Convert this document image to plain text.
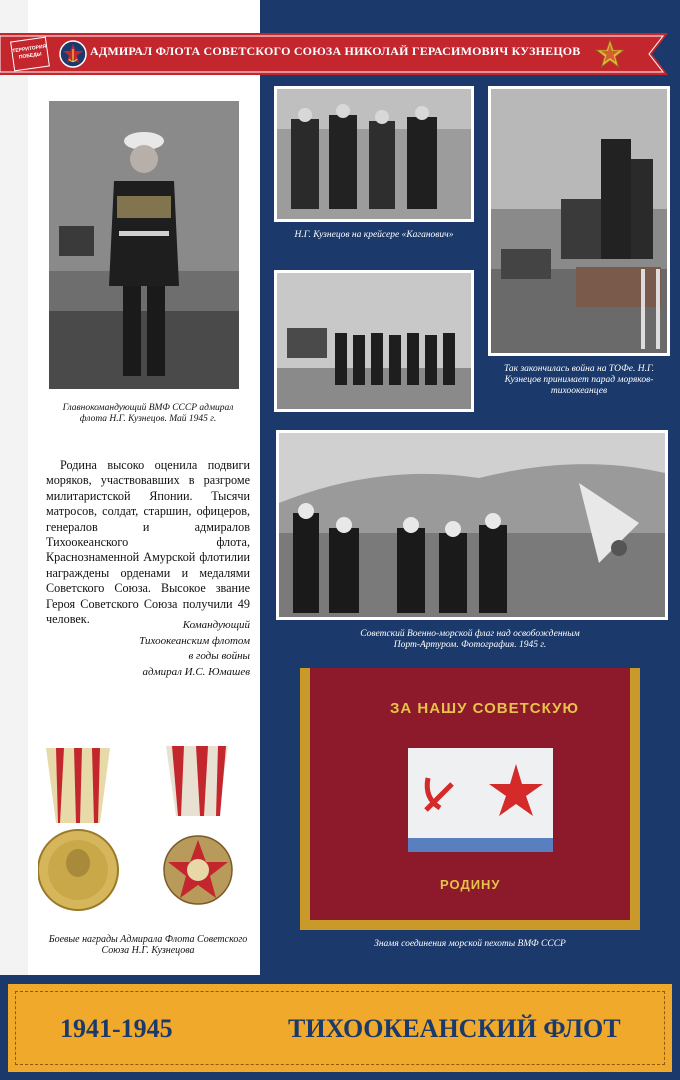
ТЕРРИТОРИЯ ПОБЕДЫ	АДМИРАЛ ФЛОТА СОВЕТСКОГО СОЮЗА НИКОЛАЙ ГЕРАСИМОВИЧ КУЗНЕЦОВ
Главнокомандующий ВМФ СССР адмирал флота Н.Г. Кузнецов. Май 1945 г.
Родина высоко оценила подвиги моряков, участвовавших в разгроме милитаристской Японии. Тысячи матросов, солдат, старшин, офицеров, генералов и адмиралов Тихоокеанского флота, Краснознаменной Амурской флотилии награждены орденами и медалями Советского Союза. Высокое звание Героя Советского Союза получили 49 человек.	Командующий
Тихоокеанским флотом
в годы войны
адмирал И.С. Юмашев
Боевые награды Адмирала Флота Советского Союза Н.Г. Кузнецова
Н.Г. Кузнецов на крейсере «Каганович»
Так закончилась война на ТОФе. Н.Г. Кузнецов принимает парад моряков-тихоокеанцев
Советский Военно-морской флаг над освобожденным Порт-Артуром. Фотография. 1945 г.
ЗА НАШУ СОВЕТСКУЮ
РОДИНУ
Знамя соединения морской пехоты ВМФ СССР
1941-1945	ТИХООКЕАНСКИЙ ФЛОТ
